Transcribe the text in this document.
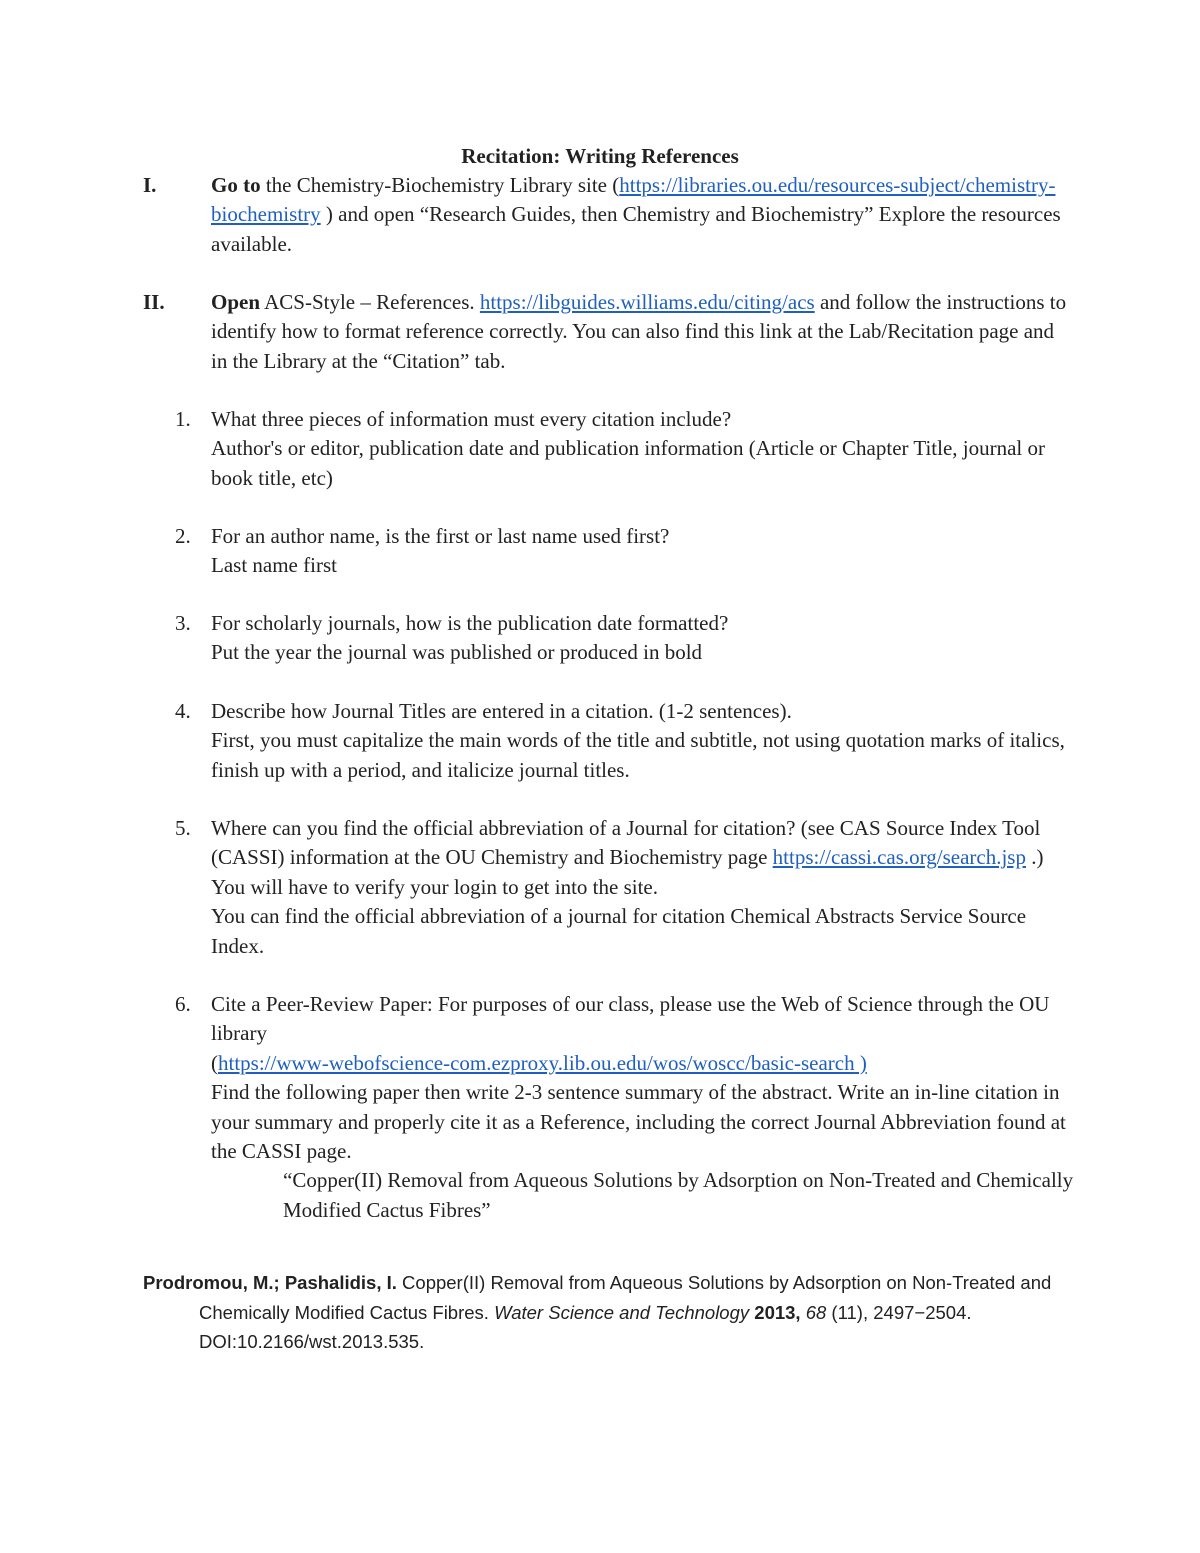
Recitation: Writing References
I.	Go to the Chemistry-Biochemistry Library site (https://libraries.ou.edu/resources-subject/chemistry-biochemistry ) and open “Research Guides, then Chemistry and Biochemistry” Explore the resources available.
II. Open ACS-Style – References. https://libguides.williams.edu/citing/acs and follow the instructions to identify how to format reference correctly. You can also find this link at the Lab/Recitation page and in the Library at the “Citation” tab.
1. What three pieces of information must every citation include?
Author's or editor, publication date and publication information (Article or Chapter Title, journal or book title, etc)
2. For an author name, is the first or last name used first?
Last name first
3. For scholarly journals, how is the publication date formatted?
Put the year the journal was published or produced in bold
4. Describe how Journal Titles are entered in a citation. (1-2 sentences).
First, you must capitalize the main words of the title and subtitle, not using quotation marks of italics, finish up with a period, and italicize journal titles.
5. Where can you find the official abbreviation of a Journal for citation? (see CAS Source Index Tool (CASSI) information at the OU Chemistry and Biochemistry page https://cassi.cas.org/search.jsp .) You will have to verify your login to get into the site.
You can find the official abbreviation of a journal for citation Chemical Abstracts Service Source Index.
6. Cite a Peer-Review Paper: For purposes of our class, please use the Web of Science through the OU library
(https://www-webofscience-com.ezproxy.lib.ou.edu/wos/woscc/basic-search )
Find the following paper then write 2-3 sentence summary of the abstract. Write an in-line citation in your summary and properly cite it as a Reference, including the correct Journal Abbreviation found at the CASSI page.
“Copper(II) Removal from Aqueous Solutions by Adsorption on Non-Treated and Chemically Modified Cactus Fibres”
Prodromou, M.; Pashalidis, I. Copper(II) Removal from Aqueous Solutions by Adsorption on Non-Treated and Chemically Modified Cactus Fibres. Water Science and Technology 2013, 68 (11), 2497−2504. DOI:10.2166/wst.2013.535.
